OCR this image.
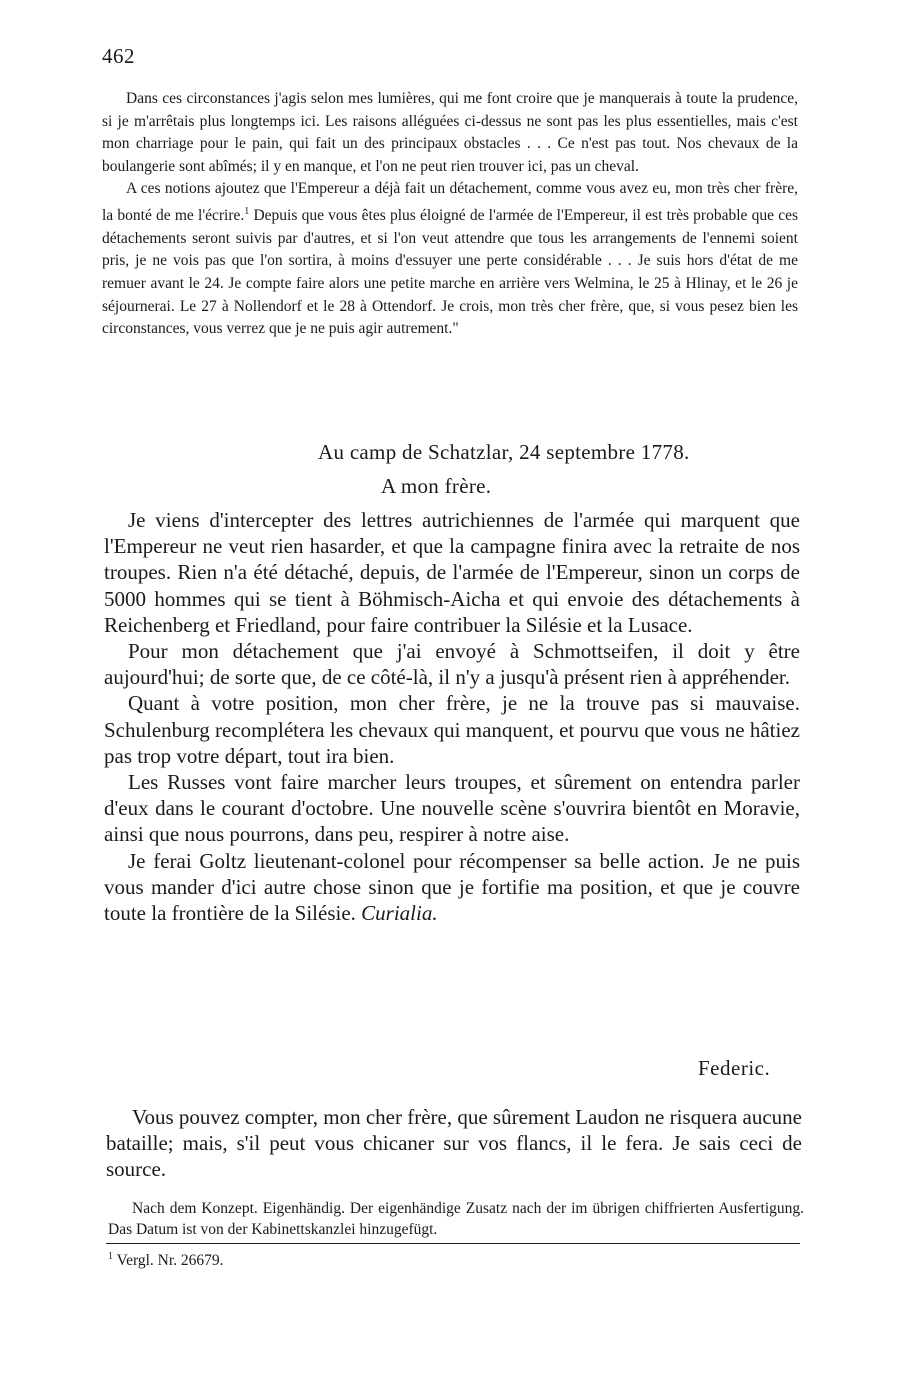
462

Dans ces circonstances j'agis selon mes lumières, qui me font croire que je manquerais à toute la prudence, si je m'arrêtais plus longtemps ici. Les raisons alléguées ci-dessus ne sont pas les plus essentielles, mais c'est mon charriage pour le pain, qui fait un des principaux obstacles . . . Ce n'est pas tout. Nos chevaux de la boulangerie sont abîmés; il y en manque, et l'on ne peut rien trouver ici, pas un cheval.

A ces notions ajoutez que l'Empereur a déjà fait un détachement, comme vous avez eu, mon très cher frère, la bonté de me l'écrire.$^1$ Depuis que vous êtes plus éloigné de l'armée de l'Empereur, il est très probable que ces détachements seront suivis par d'autres, et si l'on veut attendre que tous les arrangements de l'ennemi soient pris, je ne vois pas que l'on sortira, à moins d'essuyer une perte considérable . . . Je suis hors d'état de me remuer avant le 24. Je compte faire alors une petite marche en arrière vers Welmina, le 25 à Hlinay, et le 26 je séjournerai. Le 27 à Nollendorf et le 28 à Ottendorf. Je crois, mon très cher frère, que, si vous pesez bien les circonstances, vous verrez que je ne puis agir autrement."

Au camp de Schatzlar, 24 septembre 1778.
A mon frère.

Je viens d'intercepter des lettres autrichiennes de l'armée qui marquent que l'Empereur ne veut rien hasarder, et que la campagne finira avec la retraite de nos troupes. Rien n'a été détaché, depuis, de l'armée de l'Empereur, sinon un corps de 5000 hommes qui se tient à Böhmisch-Aicha et qui envoie des détachements à Reichenberg et Friedland, pour faire contribuer la Silésie et la Lusace.

Pour mon détachement que j'ai envoyé à Schmottseifen, il doit y être aujourd'hui; de sorte que, de ce côté-là, il n'y a jusqu'à présent rien à appréhender.

Quant à votre position, mon cher frère, je ne la trouve pas si mauvaise. Schulenburg recomplétera les chevaux qui manquent, et pourvu que vous ne hâtiez pas trop votre départ, tout ira bien.

Les Russes vont faire marcher leurs troupes, et sûrement on entendra parler d'eux dans le courant d'octobre. Une nouvelle scène s'ouvrira bientôt en Moravie, ainsi que nous pourrons, dans peu, respirer à notre aise.

Je ferai Goltz lieutenant-colonel pour récompenser sa belle action. Je ne puis vous mander d'ici autre chose sinon que je fortifie ma position, et que je couvre toute la frontière de la Silésie. Curialia.

Federic.

Vous pouvez compter, mon cher frère, que sûrement Laudon ne risquera aucune bataille; mais, s'il peut vous chicaner sur vos flancs, il le fera. Je sais ceci de source.

Nach dem Konzept. Eigenhändig. Der eigenhändige Zusatz nach der im übrigen chiffrierten Ausfertigung. Das Datum ist von der Kabinettskanzlei hinzugefügt.

$^1$ Vergl. Nr. 26679.
